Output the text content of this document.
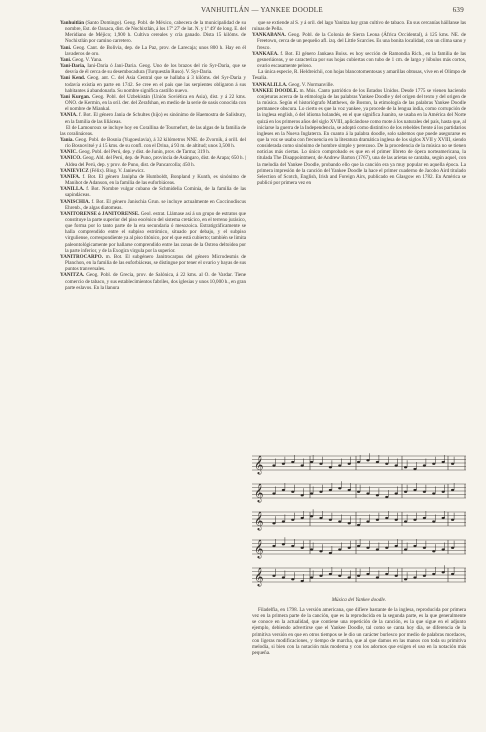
VANHUITLÁN — YANKEE DOODLE	639

Yanhuitlán (Santo Domingo). Geog. Pobl. de México, cabecera de la municipalidad de su nombre, Est. de Oaxaca, dist. de Nochixtlán, á los 17º 27' de lat. N. y 1º 49' de long. E. del Meridiano de Méjico; 1,900 h. Cultiva cereales y cría ganado. Dista 15 kilóms. de Nochixtlán por camino carretero.

Yani. Geog. Cant. de Bolivia, dep. de La Paz, prov. de Larecaja; unos 800 h. Hay en él lavaderos de oro.

Yani. Geog. V. Yana.

Yani-Daria, Iani-Daria ó Jani-Daria. Geog. Uno de los brazos del río Syr-Daria, que se desvía de él cerca de su desembocadura (Turquestán Ruso). V. Syr-Daria.

Yani Kend. Geog. ant. C. del Asia Central que se hallaba á 3 kilóms. del Syr-Daria y todavía existía en parte en 1742. Se cree en el país que las serpientes obligaron á sus habitantes á abandonarla. Su nombre significa castillo nuevo.

Yani Kurgan. Geog. Pobl. del Uzbekistán (Unión Soviética en Asia), dist. y á 22 kms. ONO. de Kermin, en la oril. der. del Zerafshan, en medio de la serie de oasis conocida con el nombre de Miankal.

YANIA. f. Bot. El género Jania de Schultes (hijo) es sinónimo de Haemostra de Salisbury, en la familia de las liliáceas.

El de Lamouroux se incluye hoy en Corallina de Tournefort, de las algas de la familia de las coralináceas.

Yania. Geog. Pobl. de Bosnia (Yugoeslavia), á 32 kilómetros NNE. de Zvornik, á orill. del río Bosnovitsé y á 15 kms. de su confl. con el Drina, á 93 m. de altitud; unos 3,500 h.

YANIC. Geog. Pobl. del Perú, dep. y dist. de Junín, prov. de Tarma; 319 h.

YANICO. Geog. Ald. del Perú, dep. de Puno, provincia de Asángaro, dist. de Arapa; 650 h. | Aldea del Perú, dep. y prov. de Puno, dist. de Pancarcolla; 450 h.

YANIEVICZ (Félix). Biog. V. Janiewicz.

YANIFA. f. Bot. El género Janipha de Humboldt, Bonpland y Kunth, es sinónimo de Manihot de Adanson, en la familia de las euforbiáceas.

YANILLA. f. Bot. Nombre vulgar cubano de Schmidelia Cominia, de la familia de las sapindáceas.

YANISCHIA. f. Bot. El género Janischia Grun. se incluye actualmente en Coccinodiscus Ehrenb., de algas diatomeas.

YANITORENSE ó JANITORENSE. Geol. estrat. Llámase así á un grupo de estratos que constituye la parte superior del piso eocénico del sistema cretácico, en el terreno jurásico, que forma por lo tanto parte de la era secundaria ó mesozoica. Estratigráficamente se halla comprendido entre el subpiso estrómico, situado por debajo, y el subpiso virguliense, correspondiente ya al piso titónico, por el que está cubierto; también se limita paleontológicamente por hallarse comprendido entre las zonas de la Ostrea deltoidea por la parte inferior, y de la Exogira virgula por la superior.

YANITROCARPO. m. Bot. El subgénero Janitrocarpus del género Microdesmis de Planchon, en la familia de las euforbiáceas, se distingue por tener el ovario y bayas de sus puntos tranversales.

YANITZA. Geog. Pobl. de Grecia, prov. de Salónica, á 22 kms. al O. de Vardar. Tiene comercio de tabaco, y sus establecimientos fabriles, dos iglesias y unos 10,000 h., en gran parte eslavos. En la llanura

que se extiende al S. y á oril. del lago Yanitza hay gran cultivo de tabaco. En sus cercanías háillanse las ruinas de Pella.

YANKABANA. Geog. Pobl. de la Colonia de Sierra Leona (África Occidental), á 125 kms. NE. de Freetown, cerca de un pequeño afl. izq. del Little Scarcies. Es una bonita localidad, con un clima sano y fresco.

YANKAEA. f. Bot. El género Jankaea Boiss. es hoy sección de Ramondia Rich., en la familia de las gesneriáceas, y se caracteriza por sus hojas cubiertas con tubo de 1 cm. de largo y lóbulos más cortos, ovario escasamente peloso.

La única especie, R. Heldreichii, con hojas blancotomentosas y amarillas obtusas, vive en el Olimpo de Tesalia.

YANKALILLA. Geog. V. Normanville.

YANKEE DOODLE. m. Mús. Canto patriótico de los Estados Unidos. Desde 1775 se vienen haciendo conjeturas acerca de la etimología de las palabras Yankee Doodle y del origen del texto y del origen de la música. Según el historiógrafo Matthews, de Boston, la etimología de las palabras Yankee Doodle permanece obscura. Lo cierto es que la voz yankee, ya procede de la lengua india, como corrupción de la inglesa english, ó del idioma holandés, en el que significa Juanito, se usaba en la América del Norte quizá en los primeros años del siglo XVIII, aplicándose como mote á los naturales del país, hasta que, al iniciarse la guerra de la Independencia, se adoptó como distintivo de los rebeldes frente á los partidarios ingleses en la Nueva Inglaterra. En cuanto á la palabra doodle, solo sabemos que puede asegurarse es que la voz se usaba con frecuencia en la literatura dramática inglesa de los siglos XVII y XVIII, siendo considerada como sinónimo de hombre simple y perezoso. De la procedencia de la música no se tienen noticias más ciertas. Lo único comprobado es que en el primer libreto de ópera norteamericana, la titulada The Disappointment, de Andrew Barton (1767), una de las arietas se cantaba, según aquel, con la melodía del Yankee Doodle, probando ello que la canción era ya muy popular en aquella época. La primera impresión de la canción del Yankee Doodle la hace el primer cuaderno de Jacobo Aird titulado Selection of Scotch, English, Irish and Foreign Airs, publicado en Glasgow en 1782. En América se publicó por primera vez en

𝄞
𝄞
𝄞
𝄞
𝄞
Música del Yankee doodle.

Filadelfia, en 1798. La versión americana, que difiere bastante de la inglesa, reproducida por primera vez en la primera parte de la canción, que es la reproducida en la segunda parte, es la que generalmente se conoce en la actualidad, que contiene una repetición de la canción, es la que sigue en el adjunto ejemplo, debiendo advertirse que el Yankee Doodle, tal como se canta hoy día, se diferencia de la primitiva versión en que en otros tiempos se le dio un carácter burlesco por medio de palabras mordaces, con ligeras modificaciones, y tiempo de marcha, que al que damos en las manos con toda su primitiva melodía, si bien con la notación más moderna y con los adornos que exigen el uso en la notación más pequeña.
